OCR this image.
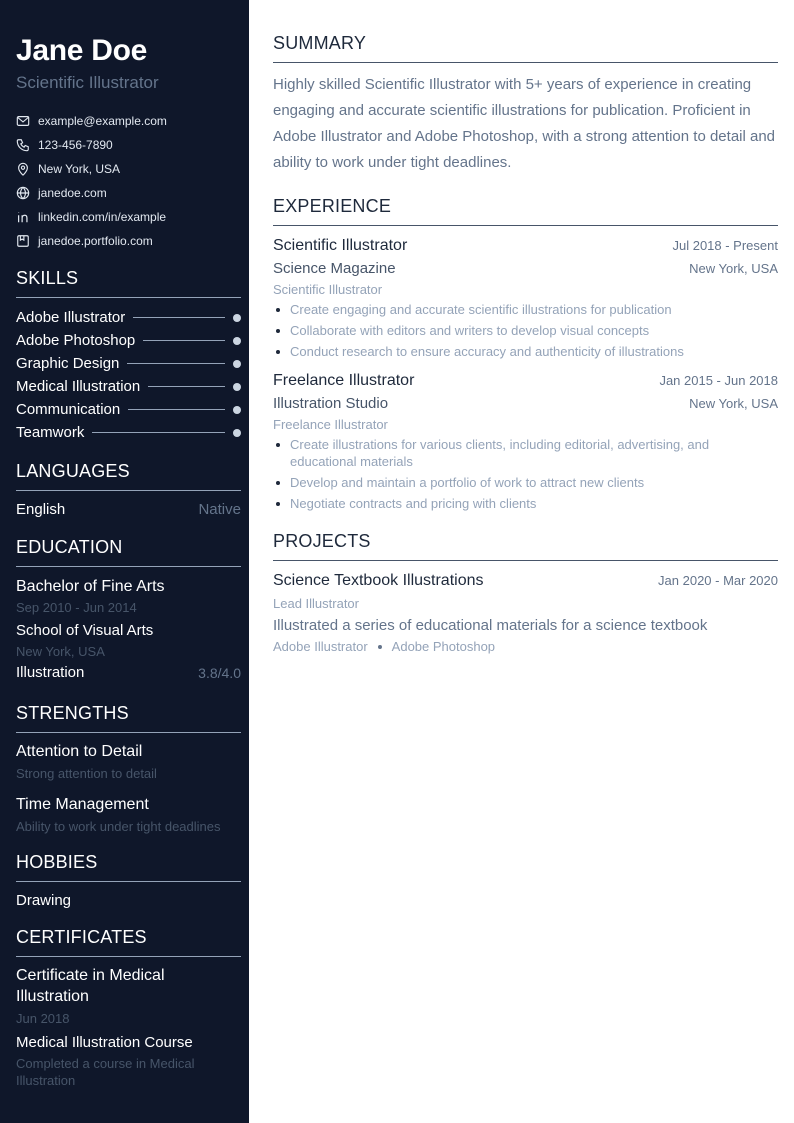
Jane Doe
Scientific Illustrator
example@example.com
123-456-7890
New York, USA
janedoe.com
linkedin.com/in/example
janedoe.portfolio.com
SKILLS
Adobe Illustrator
Adobe Photoshop
Graphic Design
Medical Illustration
Communication
Teamwork
LANGUAGES
English	Native
EDUCATION
Bachelor of Fine Arts
Sep 2010 - Jun 2014
School of Visual Arts
New York, USA
Illustration	3.8/4.0
STRENGTHS
Attention to Detail
Strong attention to detail
Time Management
Ability to work under tight deadlines
HOBBIES
Drawing
CERTIFICATES
Certificate in Medical Illustration
Jun 2018
Medical Illustration Course
Completed a course in Medical Illustration
SUMMARY

Highly skilled Scientific Illustrator with 5+ years of experience in creating engaging and accurate scientific illustrations for publication. Proficient in Adobe Illustrator and Adobe Photoshop, with a strong attention to detail and ability to work under tight deadlines.

EXPERIENCE
Scientific Illustrator	Jul 2018 - Present
Science Magazine	New York, USA
Scientific Illustrator
Create engaging and accurate scientific illustrations for publication
Collaborate with editors and writers to develop visual concepts
Conduct research to ensure accuracy and authenticity of illustrations
Freelance Illustrator	Jan 2015 - Jun 2018
Illustration Studio	New York, USA
Freelance Illustrator
Create illustrations for various clients, including editorial, advertising, and educational materials
Develop and maintain a portfolio of work to attract new clients
Negotiate contracts and pricing with clients
PROJECTS
Science Textbook Illustrations	Jan 2020 - Mar 2020
Lead Illustrator
Illustrated a series of educational materials for a science textbook
Adobe Illustrator Adobe Photoshop
